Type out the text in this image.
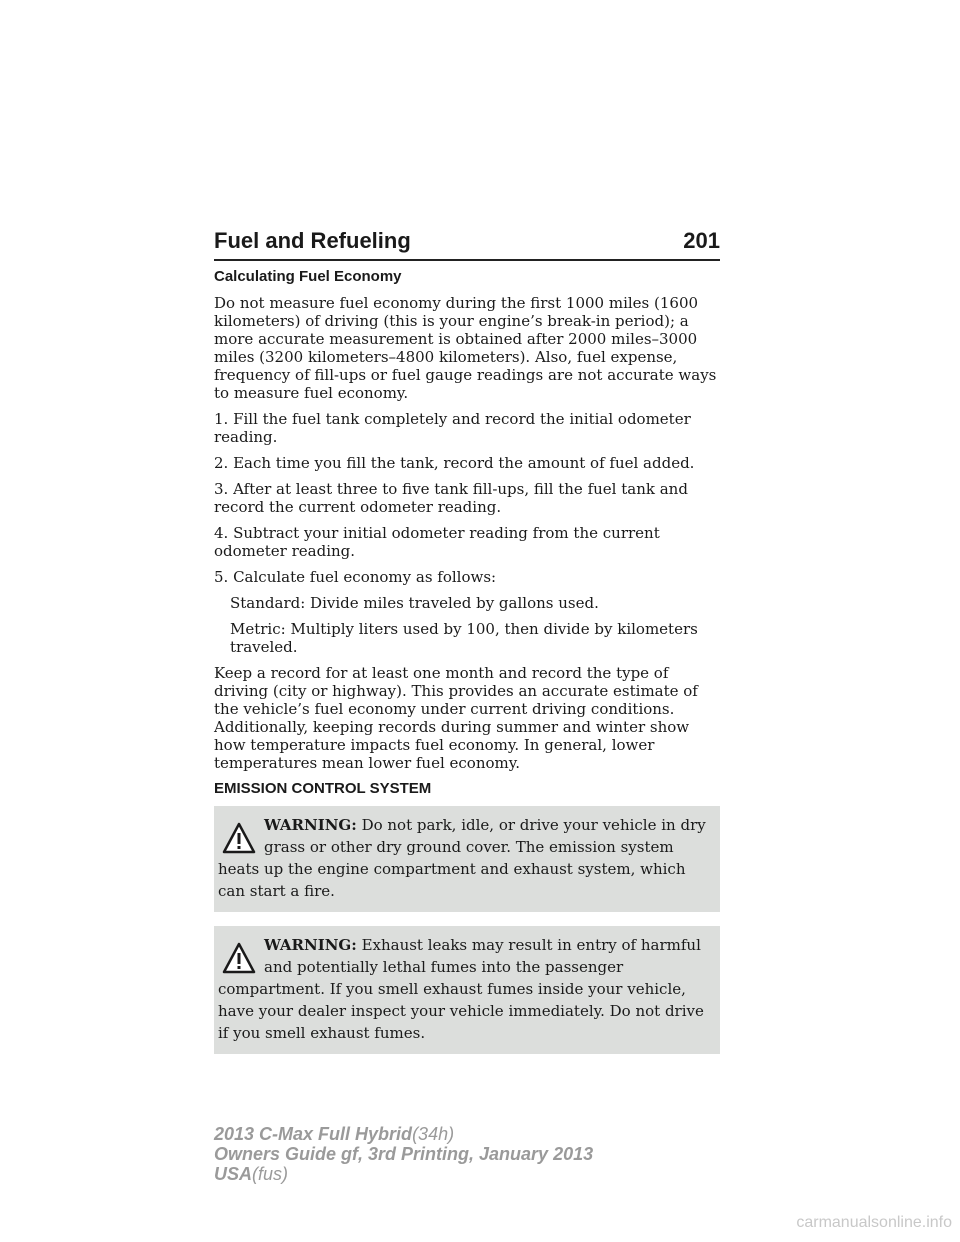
Fuel and Refueling	201

Calculating Fuel Economy

Do not measure fuel economy during the first 1000 miles (1600 kilometers) of driving (this is your engine’s break-in period); a more accurate measurement is obtained after 2000 miles–3000 miles (3200 kilometers–4800 kilometers). Also, fuel expense, frequency of fill-ups or fuel gauge readings are not accurate ways to measure fuel economy.

1. Fill the fuel tank completely and record the initial odometer reading.

2. Each time you fill the tank, record the amount of fuel added.

3. After at least three to five tank fill-ups, fill the fuel tank and record the current odometer reading.

4. Subtract your initial odometer reading from the current odometer reading.

5. Calculate fuel economy as follows:

Standard: Divide miles traveled by gallons used.

Metric: Multiply liters used by 100, then divide by kilometers traveled.

Keep a record for at least one month and record the type of driving (city or highway). This provides an accurate estimate of the vehicle’s fuel economy under current driving conditions. Additionally, keeping records during summer and winter show how temperature impacts fuel economy. In general, lower temperatures mean lower fuel economy.

EMISSION CONTROL SYSTEM

WARNING: Do not park, idle, or drive your vehicle in dry grass or other dry ground cover. The emission system heats up the engine compartment and exhaust system, which can start a fire.
WARNING: Exhaust leaks may result in entry of harmful and potentially lethal fumes into the passenger compartment. If you smell exhaust fumes inside your vehicle, have your dealer inspect your vehicle immediately. Do not drive if you smell exhaust fumes.
2013 C-Max Full Hybrid(34h)
Owners Guide gf, 3rd Printing, January 2013
USA(fus)
carmanualsonline.info
